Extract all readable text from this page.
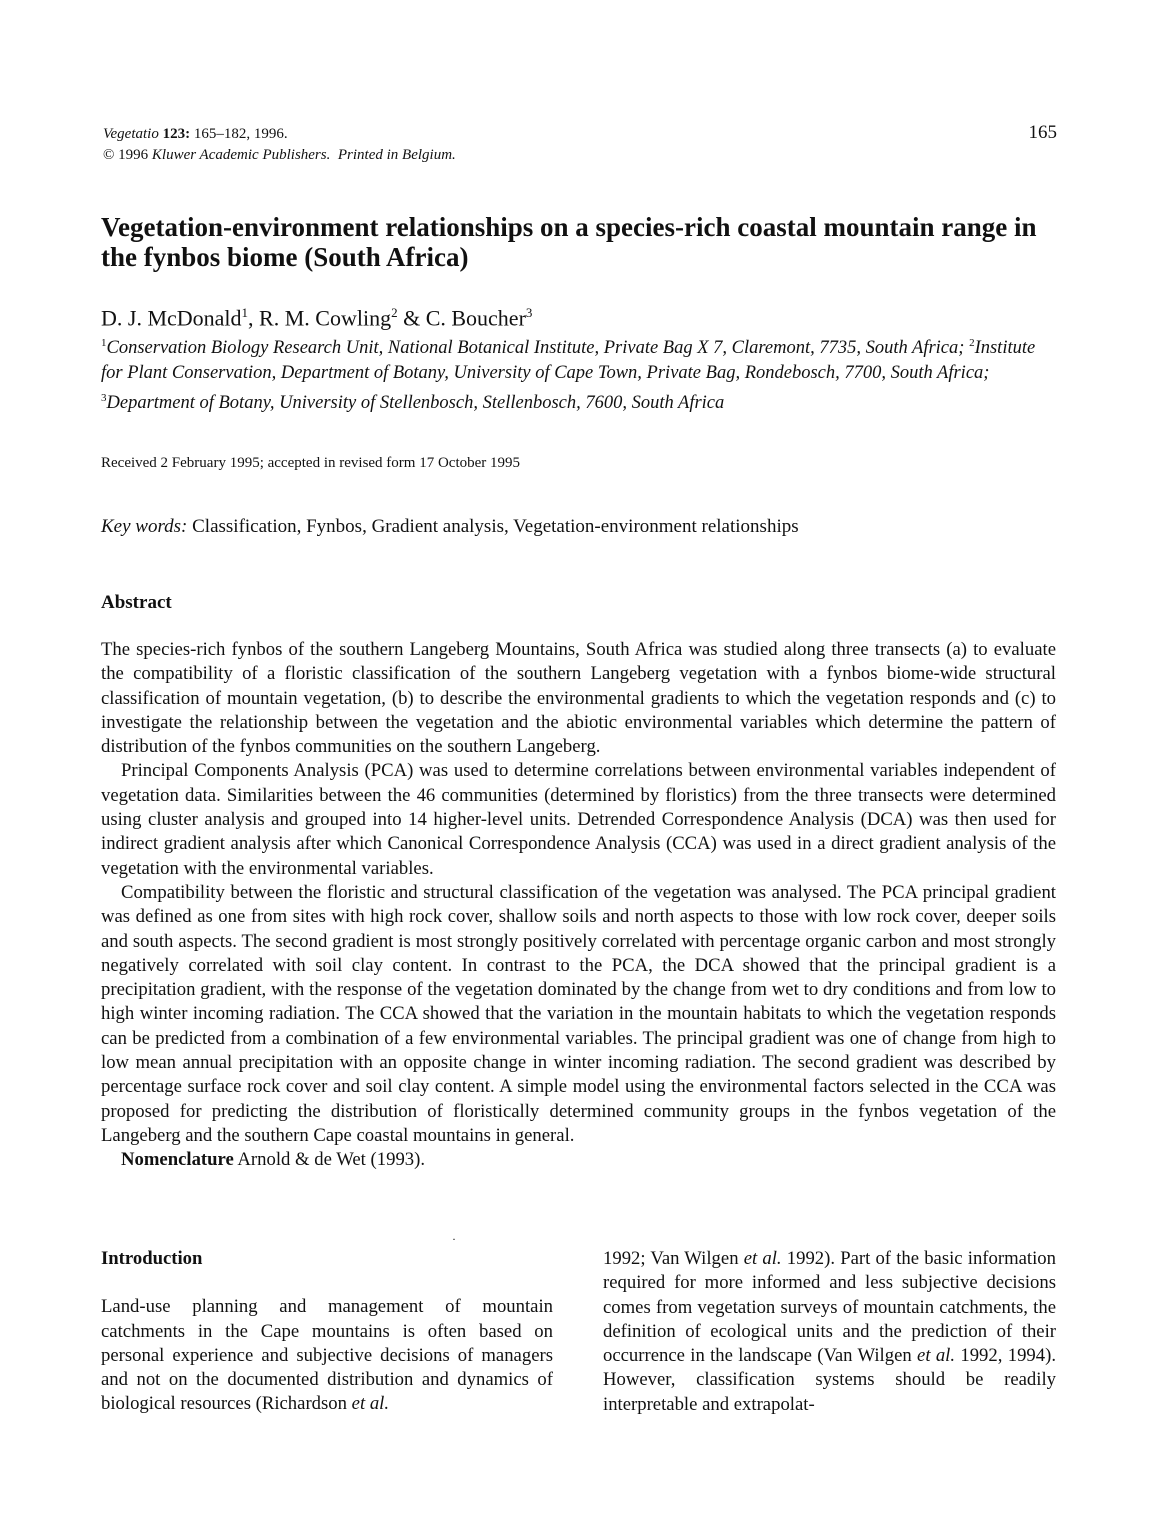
Vegetatio 123: 165–182, 1996.
© 1996 Kluwer Academic Publishers. Printed in Belgium.
165
Vegetation-environment relationships on a species-rich coastal mountain range in the fynbos biome (South Africa)
D. J. McDonald$^1$, R. M. Cowling$^2$ & C. Boucher$^3$
$^1$Conservation Biology Research Unit, National Botanical Institute, Private Bag X 7, Claremont, 7735, South Africa; $^2$Institute for Plant Conservation, Department of Botany, University of Cape Town, Private Bag, Rondebosch, 7700, South Africa; $^3$Department of Botany, University of Stellenbosch, Stellenbosch, 7600, South Africa
Received 2 February 1995; accepted in revised form 17 October 1995
Key words: Classification, Fynbos, Gradient analysis, Vegetation-environment relationships
Abstract

The species-rich fynbos of the southern Langeberg Mountains, South Africa was studied along three transects (a) to evaluate the compatibility of a floristic classification of the southern Langeberg vegetation with a fynbos biome-wide structural classification of mountain vegetation, (b) to describe the environmental gradients to which the vegetation responds and (c) to investigate the relationship between the vegetation and the abiotic environmental variables which determine the pattern of distribution of the fynbos communities on the southern Langeberg.

Principal Components Analysis (PCA) was used to determine correlations between environmental variables independent of vegetation data. Similarities between the 46 communities (determined by floristics) from the three transects were determined using cluster analysis and grouped into 14 higher-level units. Detrended Correspondence Analysis (DCA) was then used for indirect gradient analysis after which Canonical Correspondence Analysis (CCA) was used in a direct gradient analysis of the vegetation with the environmental variables.

Compatibility between the floristic and structural classification of the vegetation was analysed. The PCA principal gradient was defined as one from sites with high rock cover, shallow soils and north aspects to those with low rock cover, deeper soils and south aspects. The second gradient is most strongly positively correlated with percentage organic carbon and most strongly negatively correlated with soil clay content. In contrast to the PCA, the DCA showed that the principal gradient is a precipitation gradient, with the response of the vegetation dominated by the change from wet to dry conditions and from low to high winter incoming radiation. The CCA showed that the variation in the mountain habitats to which the vegetation responds can be predicted from a combination of a few environmental variables. The principal gradient was one of change from high to low mean annual precipitation with an opposite change in winter incoming radiation. The second gradient was described by percentage surface rock cover and soil clay content. A simple model using the environmental factors selected in the CCA was proposed for predicting the distribution of floristically determined community groups in the fynbos vegetation of the Langeberg and the southern Cape coastal mountains in general.

Nomenclature Arnold & de Wet (1993).

·
Introduction

Land-use planning and management of mountain catchments in the Cape mountains is often based on personal experience and subjective decisions of managers and not on the documented distribution and dynamics of biological resources (Richardson et al.

1992; Van Wilgen et al. 1992). Part of the basic information required for more informed and less subjective decisions comes from vegetation surveys of mountain catchments, the definition of ecological units and the prediction of their occurrence in the landscape (Van Wilgen et al. 1992, 1994). However, classification systems should be readily interpretable and extrapolat-
